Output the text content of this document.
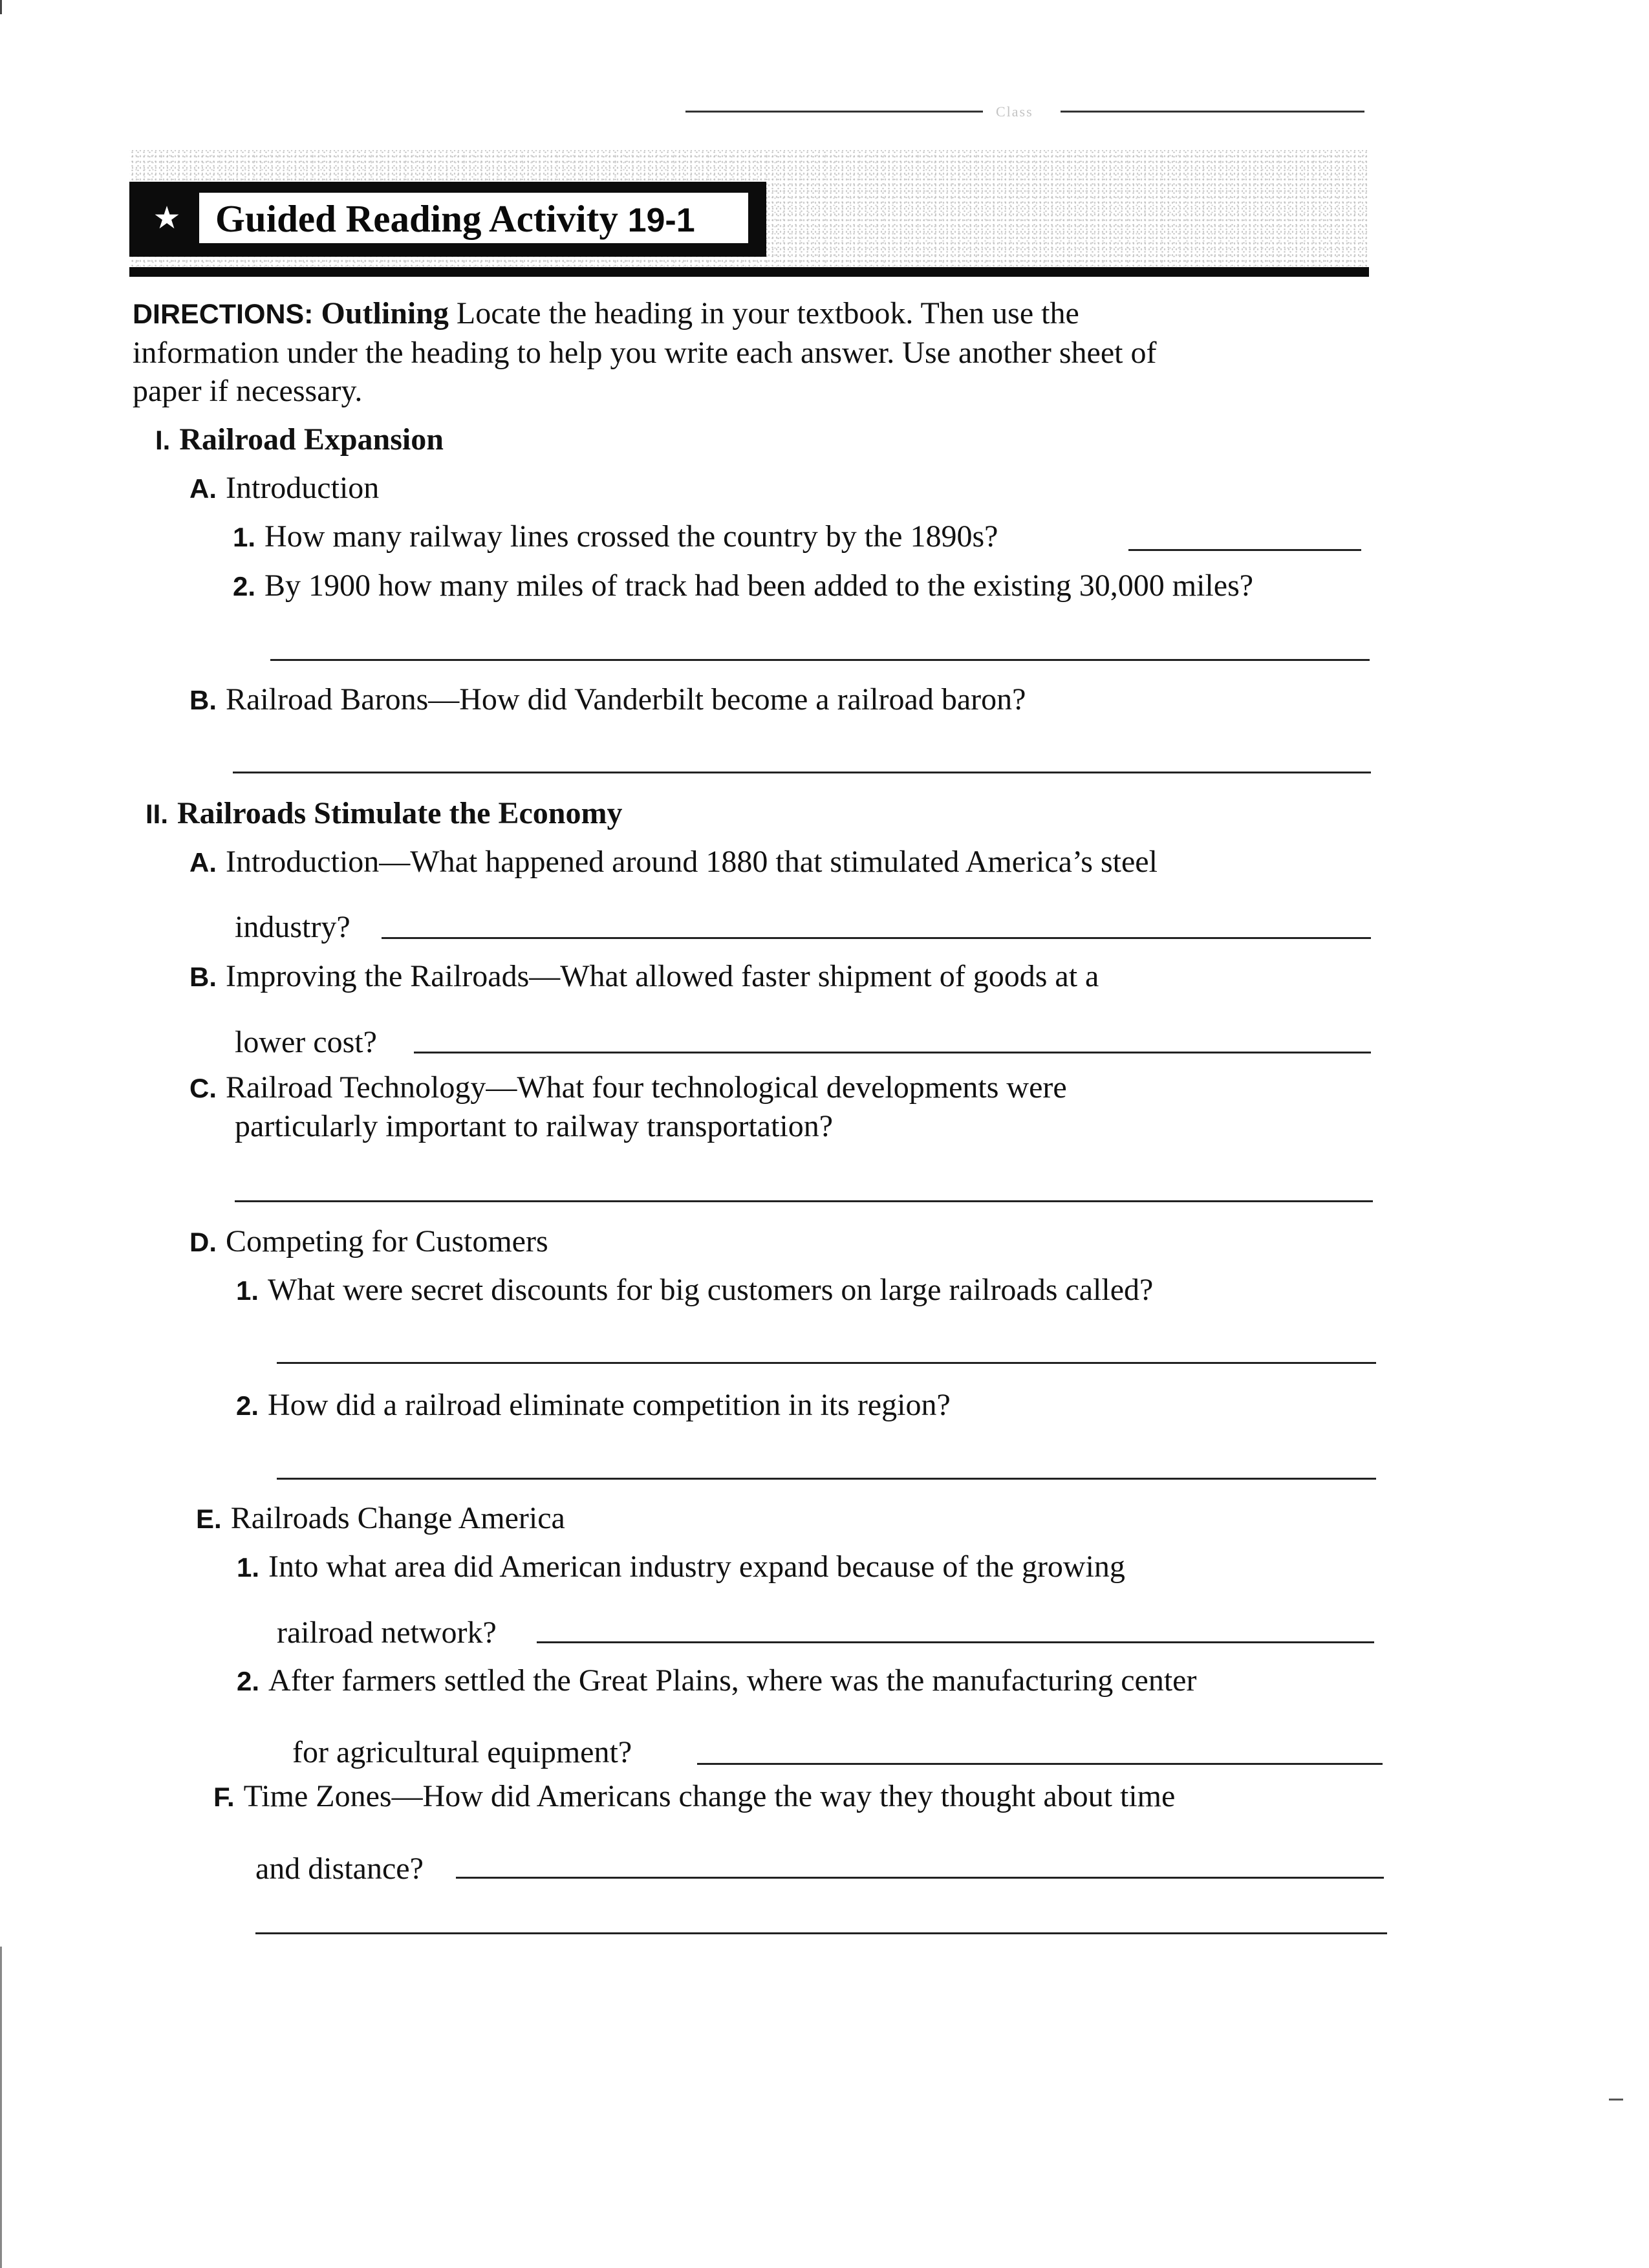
Class
★ Guided Reading Activity 19-1
DIRECTIONS: Outlining Locate the heading in your textbook. Then use the information under the heading to help you write each answer. Use another sheet of paper if necessary.
I. Railroad Expansion
A. Introduction
1. How many railway lines crossed the country by the 1890s?
2. By 1900 how many miles of track had been added to the existing 30,000 miles?
B. Railroad Barons—How did Vanderbilt become a railroad baron?
II. Railroads Stimulate the Economy
A. Introduction—What happened around 1880 that stimulated America’s steel
industry?
B. Improving the Railroads—What allowed faster shipment of goods at a
lower cost?
C. Railroad Technology—What four technological developments were
particularly important to railway transportation?
D. Competing for Customers
1. What were secret discounts for big customers on large railroads called?
2. How did a railroad eliminate competition in its region?
E. Railroads Change America
1. Into what area did American industry expand because of the growing
railroad network?
2. After farmers settled the Great Plains, where was the manufacturing center
for agricultural equipment?
F. Time Zones—How did Americans change the way they thought about time
and distance?
